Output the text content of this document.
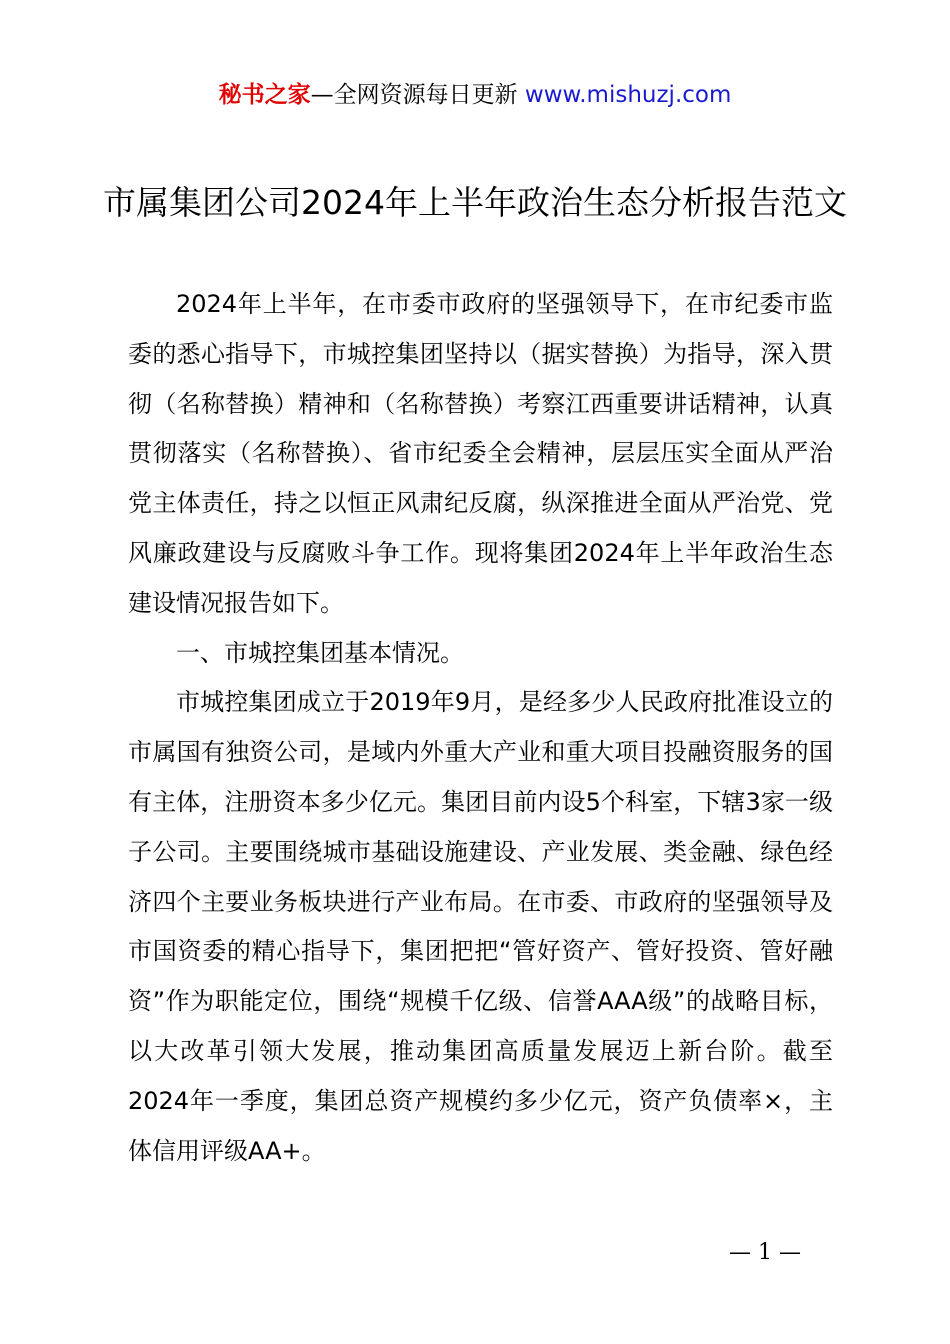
秘书之家—全网资源每日更新 www.mishuzj.com
市属集团公司2024年上半年政治生态分析报告范文

2024年上半年，在市委市政府的坚强领导下，在市纪委市监委的悉心指导下，市城控集团坚持以（据实替换）为指导，深入贯彻（名称替换）精神和（名称替换）考察江西重要讲话精神，认真贯彻落实（名称替换）、省市纪委全会精神，层层压实全面从严治党主体责任，持之以恒正风肃纪反腐，纵深推进全面从严治党、党风廉政建设与反腐败斗争工作。现将集团2024年上半年政治生态建设情况报告如下。

一、市城控集团基本情况。

市城控集团成立于2019年9月，是经多少人民政府批准设立的市属国有独资公司，是域内外重大产业和重大项目投融资服务的国有主体，注册资本多少亿元。集团目前内设5个科室，下辖3家一级子公司。主要围绕城市基础设施建设、产业发展、类金融、绿色经济四个主要业务板块进行产业布局。在市委、市政府的坚强领导及市国资委的精心指导下，集团把把“管好资产、管好投资、管好融资”作为职能定位，围绕“规模千亿级、信誉AAA级”的战略目标，以大改革引领大发展，推动集团高质量发展迈上新台阶。截至2024年一季度，集团总资产规模约多少亿元，资产负债率×，主体信用评级AA+。

— 1 —
